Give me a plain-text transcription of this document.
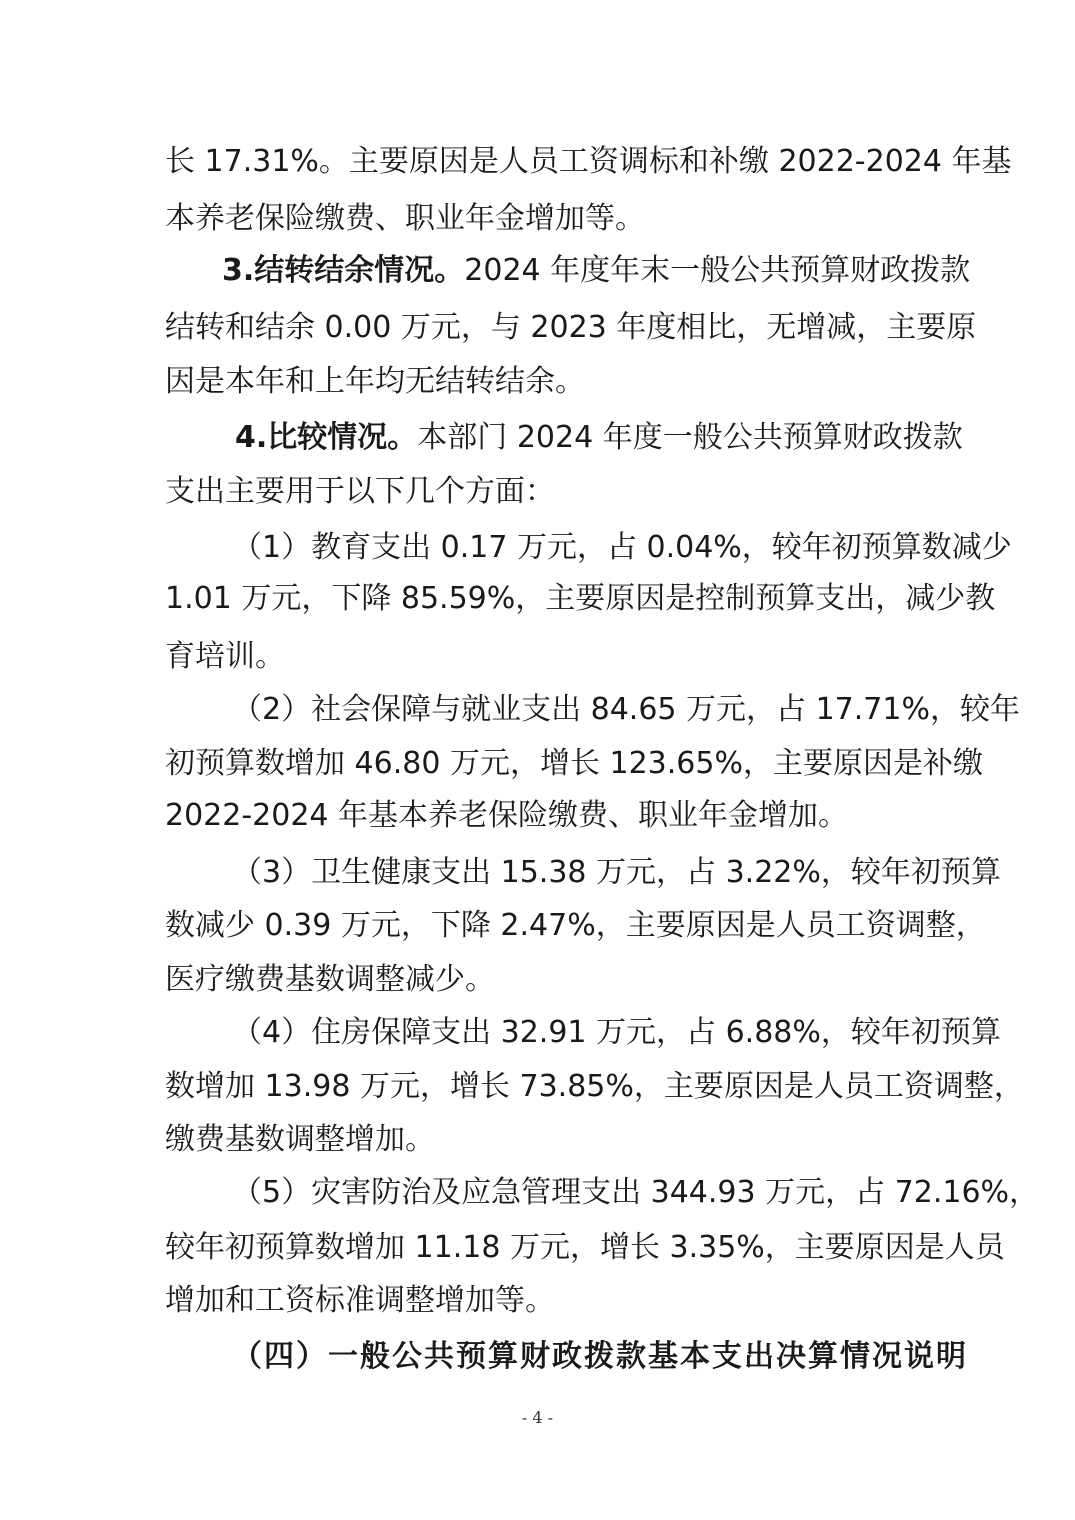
长 17.31%。主要原因是人员工资调标和补缴 2022-2024 年基
本养老保险缴费、职业年金增加等。
3.结转结余情况。2024 年度年末一般公共预算财政拨款
结转和结余 0.00 万元，与 2023 年度相比，无增减，主要原
因是本年和上年均无结转结余。
4.比较情况。本部门 2024 年度一般公共预算财政拨款
支出主要用于以下几个方面：
（1）教育支出 0.17 万元，占 0.04%，较年初预算数减少
1.01 万元，下降 85.59%，主要原因是控制预算支出，减少教
育培训。
（2）社会保障与就业支出 84.65 万元，占 17.71%，较年
初预算数增加 46.80 万元，增长 123.65%，主要原因是补缴
2022-2024 年基本养老保险缴费、职业年金增加。
（3）卫生健康支出 15.38 万元，占 3.22%，较年初预算
数减少 0.39 万元，下降 2.47%，主要原因是人员工资调整，
医疗缴费基数调整减少。
（4）住房保障支出 32.91 万元，占 6.88%，较年初预算
数增加 13.98 万元，增长 73.85%，主要原因是人员工资调整，
缴费基数调整增加。
（5）灾害防治及应急管理支出 344.93 万元，占 72.16%，
较年初预算数增加 11.18 万元，增长 3.35%，主要原因是人员
增加和工资标准调整增加等。
（四）一般公共预算财政拨款基本支出决算情况说明
- 4 -
